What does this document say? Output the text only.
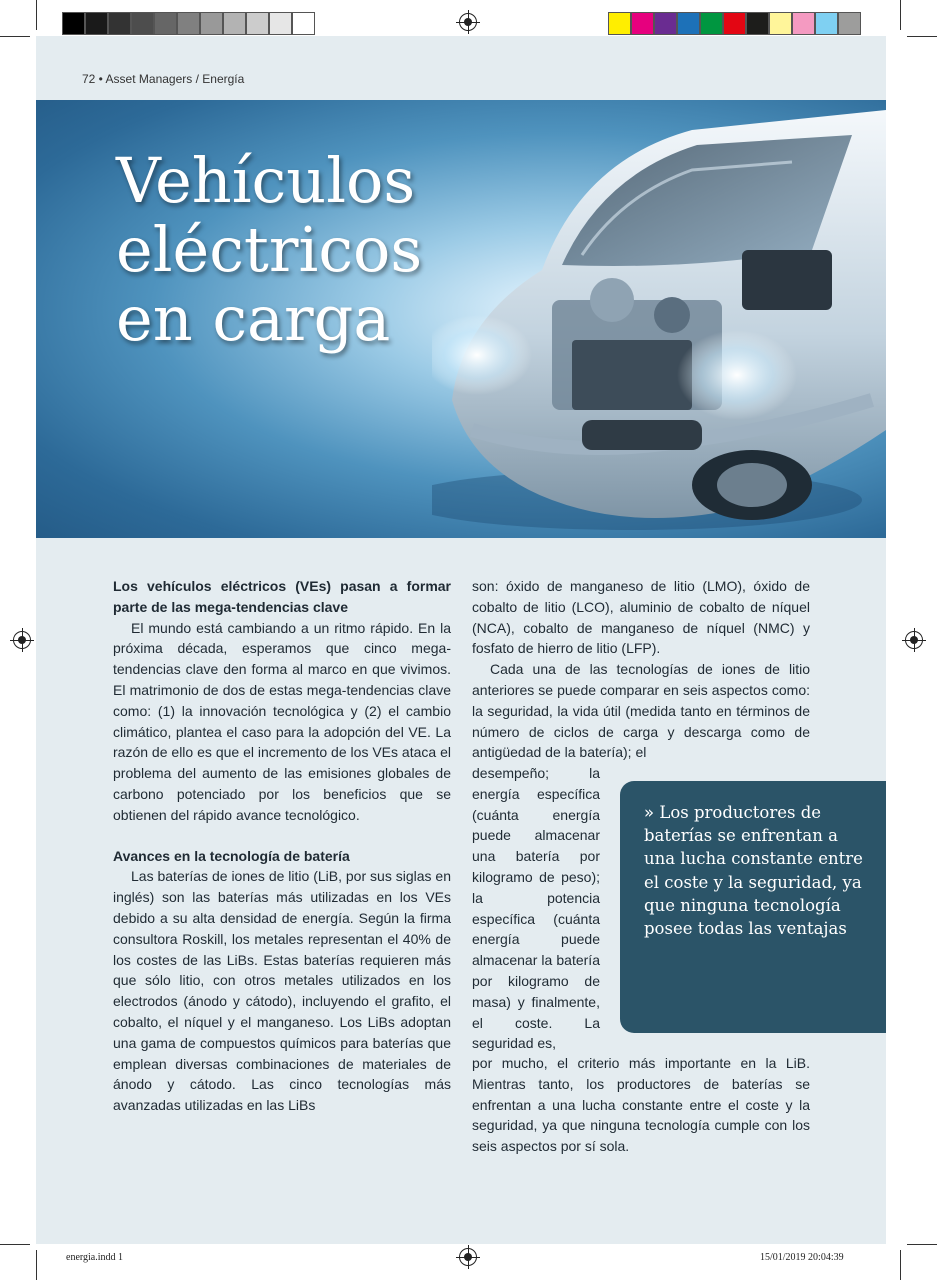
72 • Asset Managers / Energía
Vehículos
eléctricos
en carga
Los vehículos eléctricos (VEs) pasan a formar parte de las mega-tendencias clave

El mundo está cambiando a un ritmo rápido. En la próxima década, esperamos que cinco mega-tendencias clave den forma al marco en que vivimos. El matrimonio de dos de estas mega-tendencias clave como: (1) la innovación tecnológica y (2) el cambio climático, plantea el caso para la adopción del VE. La razón de ello es que el incremento de los VEs ataca el problema del aumento de las emisiones globales de carbono potenciado por los beneficios que se obtienen del rápido avance tecnológico.

Avances en la tecnología de batería

Las baterías de iones de litio (LiB, por sus siglas en inglés) son las baterías más utilizadas en los VEs debido a su alta densidad de energía. Según la firma consultora Roskill, los metales representan el 40% de los costes de las LiBs. Estas baterías requieren más que sólo litio, con otros metales utilizados en los electrodos (ánodo y cátodo), incluyendo el grafito, el cobalto, el níquel y el manganeso. Los LiBs adoptan una gama de compuestos químicos para baterías que emplean diversas combinaciones de materiales de ánodo y cátodo. Las cinco tecnologías más avanzadas utilizadas en las LiBs

son: óxido de manganeso de litio (LMO), óxido de cobalto de litio (LCO), aluminio de cobalto de níquel (NCA), cobalto de manganeso de níquel (NMC) y fosfato de hierro de litio (LFP).

Cada una de las tecnologías de iones de litio anteriores se puede comparar en seis aspectos como: la seguridad, la vida útil (medida tanto en términos de número de ciclos de carga y descarga como de antigüedad de la batería); el

desempeño; la energía específica (cuánta energía puede almacenar una batería por kilogramo de peso); la potencia específica (cuánta energía puede almacenar la batería por kilogramo de masa) y finalmente, el coste. La seguridad es,

por mucho, el criterio más importante en la LiB. Mientras tanto, los productores de baterías se enfrentan a una lucha constante entre el coste y la seguridad, ya que ninguna tecnología cumple con los seis aspectos por sí sola.

» Los productores de baterías se enfrentan a una lucha constante entre el coste y la seguridad, ya que ninguna tecnología posee todas las ventajas

energia.indd 1	15/01/2019 20:04:39
